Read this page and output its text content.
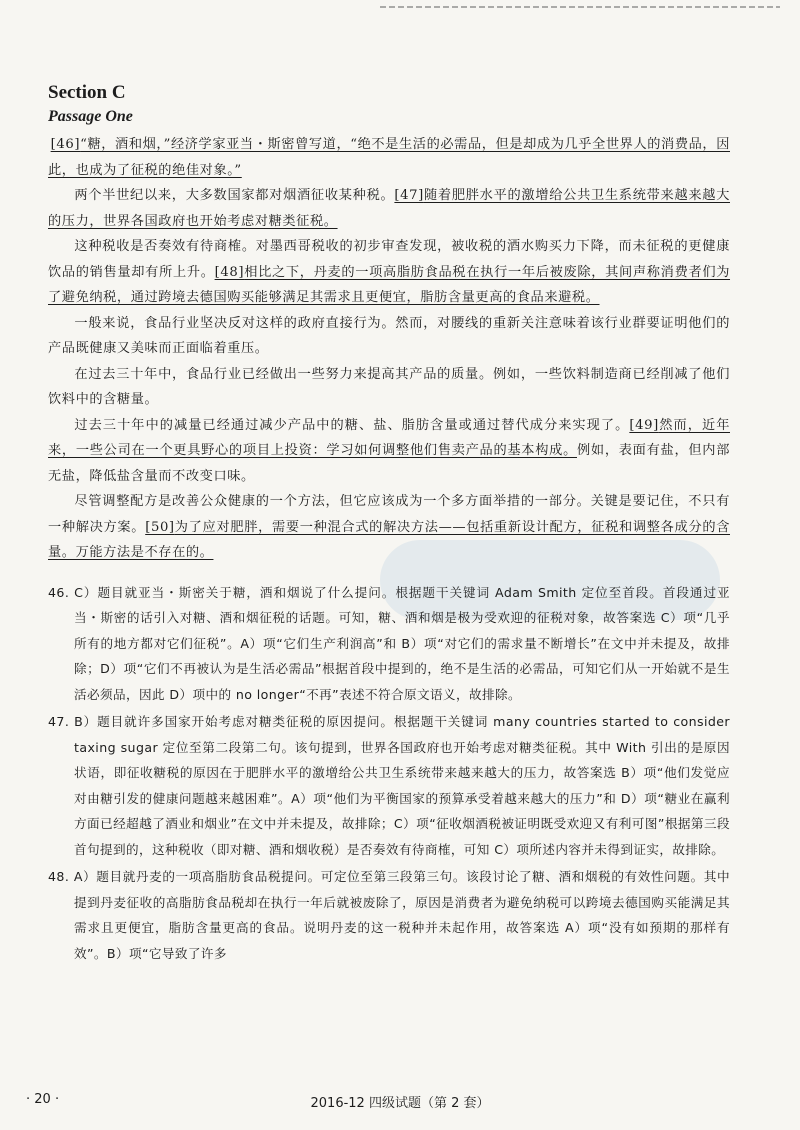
Section C
Passage One

[46]“糖，酒和烟，”经济学家亚当・斯密曾写道，“绝不是生活的必需品，但是却成为几乎全世界人的消费品，因此，也成为了征税的绝佳对象。”

两个半世纪以来，大多数国家都对烟酒征收某种税。[47]随着肥胖水平的激增给公共卫生系统带来越来越大的压力，世界各国政府也开始考虑对糖类征税。

这种税收是否奏效有待商榷。对墨西哥税收的初步审查发现，被收税的酒水购买力下降，而未征税的更健康饮品的销售量却有所上升。[48]相比之下，丹麦的一项高脂肪食品税在执行一年后被废除，其间声称消费者们为了避免纳税，通过跨境去德国购买能够满足其需求且更便宜，脂肪含量更高的食品来避税。

一般来说，食品行业坚决反对这样的政府直接行为。然而，对腰线的重新关注意味着该行业群要证明他们的产品既健康又美味而正面临着重压。

在过去三十年中，食品行业已经做出一些努力来提高其产品的质量。例如，一些饮料制造商已经削减了他们饮料中的含糖量。

过去三十年中的减量已经通过减少产品中的糖、盐、脂肪含量或通过替代成分来实现了。[49]然而，近年来，一些公司在一个更具野心的项目上投资：学习如何调整他们售卖产品的基本构成。例如，表面有盐，但内部无盐，降低盐含量而不改变口味。

尽管调整配方是改善公众健康的一个方法，但它应该成为一个多方面举措的一部分。关键是要记住，不只有一种解决方案。[50]为了应对肥胖，需要一种混合式的解决方法——包括重新设计配方，征税和调整各成分的含量。万能方法是不存在的。

46. C）题目就亚当・斯密关于糖，酒和烟说了什么提问。根据题干关键词 Adam Smith 定位至首段。首段通过亚当・斯密的话引入对糖、酒和烟征税的话题。可知，糖、酒和烟是极为受欢迎的征税对象，故答案选 C）项“几乎所有的地方都对它们征税”。A）项“它们生产利润高”和 B）项“对它们的需求量不断增长”在文中并未提及，故排除；D）项“它们不再被认为是生活必需品”根据首段中提到的，绝不是生活的必需品，可知它们从一开始就不是生活必须品，因此 D）项中的 no longer“不再”表述不符合原文语义，故排除。

47. B）题目就许多国家开始考虑对糖类征税的原因提问。根据题干关键词 many countries started to consider taxing sugar 定位至第二段第二句。该句提到，世界各国政府也开始考虑对糖类征税。其中 With 引出的是原因状语，即征收糖税的原因在于肥胖水平的激增给公共卫生系统带来越来越大的压力，故答案选 B）项“他们发觉应对由糖引发的健康问题越来越困难”。A）项“他们为平衡国家的预算承受着越来越大的压力”和 D）项“糖业在赢利方面已经超越了酒业和烟业”在文中并未提及，故排除；C）项“征收烟酒税被证明既受欢迎又有利可图”根据第三段首句提到的，这种税收（即对糖、酒和烟收税）是否奏效有待商榷，可知 C）项所述内容并未得到证实，故排除。

48. A）题目就丹麦的一项高脂肪食品税提问。可定位至第三段第三句。该段讨论了糖、酒和烟税的有效性问题。其中提到丹麦征收的高脂肪食品税却在执行一年后就被废除了，原因是消费者为避免纳税可以跨境去德国购买能满足其需求且更便宜，脂肪含量更高的食品。说明丹麦的这一税种并未起作用，故答案选 A）项“没有如预期的那样有效”。B）项“它导致了许多

· 20 ·	2016-12 四级试题（第 2 套）
